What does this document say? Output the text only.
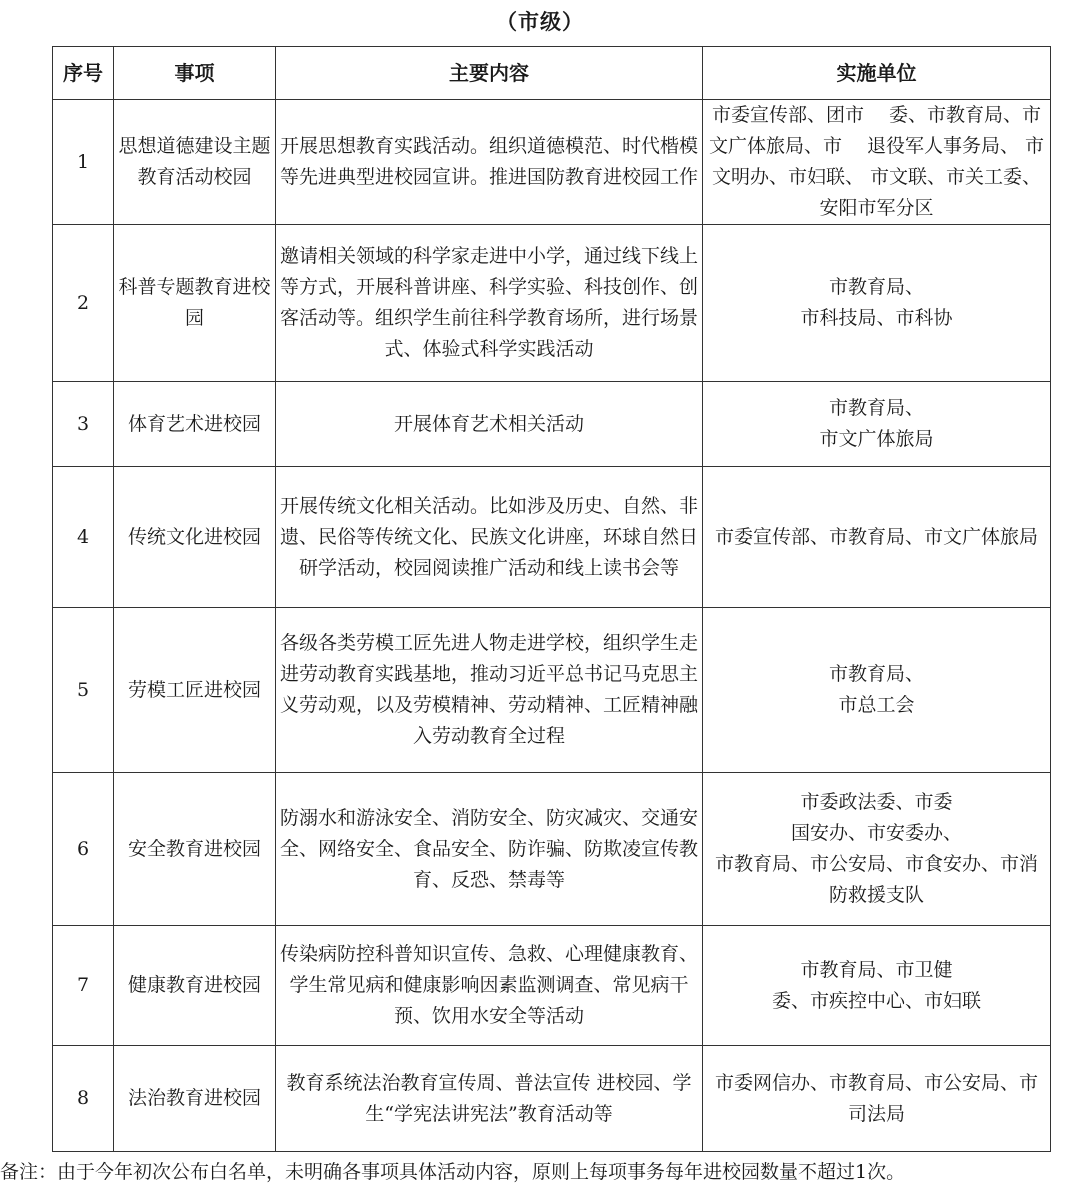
（市级）
序号	事项	主要内容	实施单位
1	思想道德建设主题教育活动校园	开展思想教育实践活动。组织道德模范、时代楷模等先进典型进校园宣讲。推进国防教育进校园工作	市委宣传部、团市　 委、市教育局、市文广体旅局、市　 退役军人事务局、 市文明办、市妇联、 市文联、市关工委、 安阳市军分区
2	科普专题教育进校园	邀请相关领域的科学家走进中小学，通过线下线上等方式，开展科普讲座、科学实验、科技创作、创客活动等。组织学生前往科学教育场所，进行场景式、体验式科学实践活动	市教育局、
市科技局、市科协
3	体育艺术进校园	开展体育艺术相关活动	市教育局、
市文广体旅局
4	传统文化进校园	开展传统文化相关活动。比如涉及历史、自然、非遗、民俗等传统文化、民族文化讲座，环球自然日研学活动，校园阅读推广活动和线上读书会等	市委宣传部、市教育局、市文广体旅局
5	劳模工匠进校园	各级各类劳模工匠先进人物走进学校，组织学生走进劳动教育实践基地，推动习近平总书记马克思主义劳动观，以及劳模精神、劳动精神、工匠精神融入劳动教育全过程	市教育局、
市总工会
6	安全教育进校园	防溺水和游泳安全、消防安全、防灾减灾、交通安全、网络安全、食品安全、防诈骗、防欺凌宣传教育、反恐、禁毒等	市委政法委、市委
国安办、市安委办、
市教育局、市公安局、市食安办、市消防救援支队
7	健康教育进校园	传染病防控科普知识宣传、急救、心理健康教育、学生常见病和健康影响因素监测调查、常见病干预、饮用水安全等活动	市教育局、市卫健
委、市疾控中心、市妇联
8	法治教育进校园	教育系统法治教育宣传周、普法宣传 进校园、学生“学宪法讲宪法”教育活动等	市委网信办、市教育局、市公安局、市司法局
备注：由于今年初次公布白名单，未明确各事项具体活动内容，原则上每项事务每年进校园数量不超过1次。
